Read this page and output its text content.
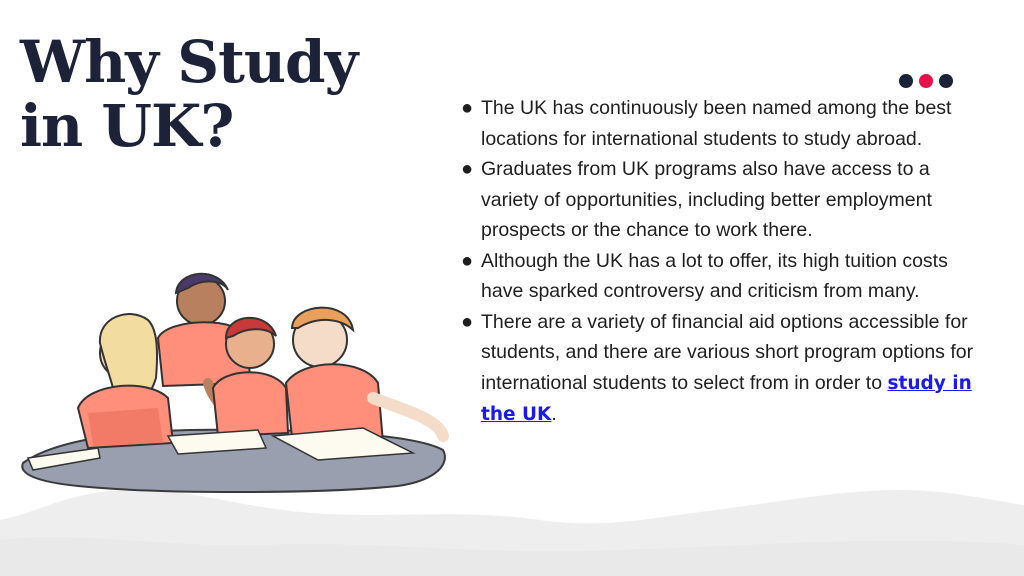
Why Study
in UK?	● The UK has continuously been named among the best locations for international students to study abroad.
● Graduates from UK programs also have access to a variety of opportunities, including better employment prospects or the chance to work there.
● Although the UK has a lot to offer, its high tuition costs have sparked controversy and criticism from many.
● There are a variety of financial aid options accessible for students, and there are various short program options for international students to select from in order to study in the UK.
